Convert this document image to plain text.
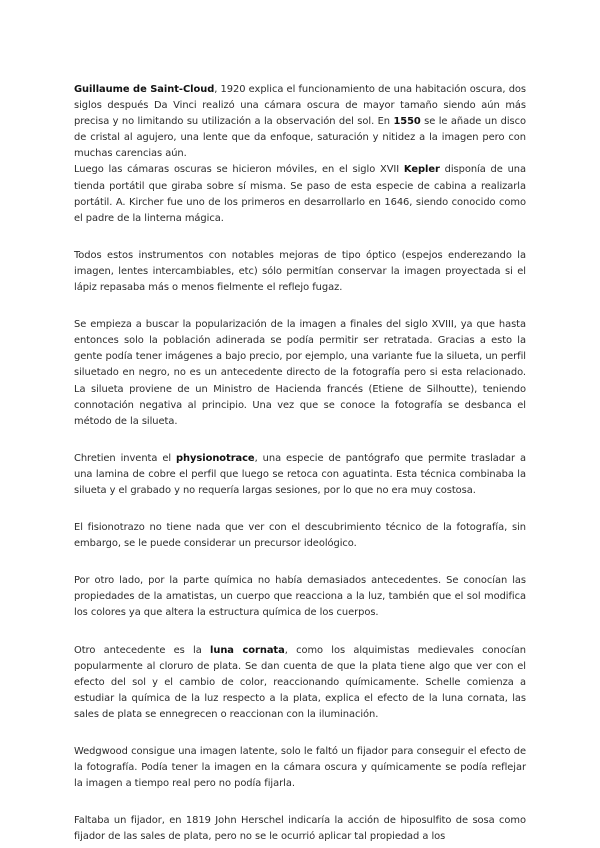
Guillaume de Saint-Cloud, 1920 explica el funcionamiento de una habitación oscura, dos siglos después Da Vinci realizó una cámara oscura de mayor tamaño siendo aún más precisa y no limitando su utilización a la observación del sol. En 1550 se le añade un disco de cristal al agujero, una lente que da enfoque, saturación y nitidez a la imagen pero con muchas carencias aún.

Luego las cámaras oscuras se hicieron móviles, en el siglo XVII Kepler disponía de una tienda portátil que giraba sobre sí misma. Se paso de esta especie de cabina a realizarla portátil. A. Kircher fue uno de los primeros en desarrollarlo en 1646, siendo conocido como el padre de la linterna mágica.

Todos estos instrumentos con notables mejoras de tipo óptico (espejos enderezando la imagen, lentes intercambiables, etc) sólo permitían conservar la imagen proyectada si el lápiz repasaba más o menos fielmente el reflejo fugaz.

Se empieza a buscar la popularización de la imagen a finales del siglo XVIII, ya que hasta entonces solo la población adinerada se podía permitir ser retratada. Gracias a esto la gente podía tener imágenes a bajo precio, por ejemplo, una variante fue la silueta, un perfil siluetado en negro, no es un antecedente directo de la fotografía pero si esta relacionado. La silueta proviene de un Ministro de Hacienda francés (Etiene de Silhoutte), teniendo connotación negativa al principio. Una vez que se conoce la fotografía se desbanca el método de la silueta.

Chretien inventa el physionotrace, una especie de pantógrafo que permite trasladar a una lamina de cobre el perfil que luego se retoca con aguatinta. Esta técnica combinaba la silueta y el grabado y no requería largas sesiones, por lo que no era muy costosa.

El fisionotrazo no tiene nada que ver con el descubrimiento técnico de la fotografía, sin embargo, se le puede considerar un precursor ideológico.

Por otro lado, por la parte química no había demasiados antecedentes. Se conocían las propiedades de la amatistas, un cuerpo que reacciona a la luz, también que el sol modifica los colores ya que altera la estructura química de los cuerpos.

Otro antecedente es la luna cornata, como los alquimistas medievales conocían popularmente al cloruro de plata. Se dan cuenta de que la plata tiene algo que ver con el efecto del sol y el cambio de color, reaccionando químicamente. Schelle comienza a estudiar la química de la luz respecto a la plata, explica el efecto de la luna cornata, las sales de plata se ennegrecen o reaccionan con la iluminación.

Wedgwood consigue una imagen latente, solo le faltó un fijador para conseguir el efecto de la fotografía. Podía tener la imagen en la cámara oscura y químicamente se podía reflejar la imagen a tiempo real pero no podía fijarla.

Faltaba un fijador, en 1819 John Herschel indicaría la acción de hiposulfito de sosa como fijador de las sales de plata, pero no se le ocurrió aplicar tal propiedad a los
